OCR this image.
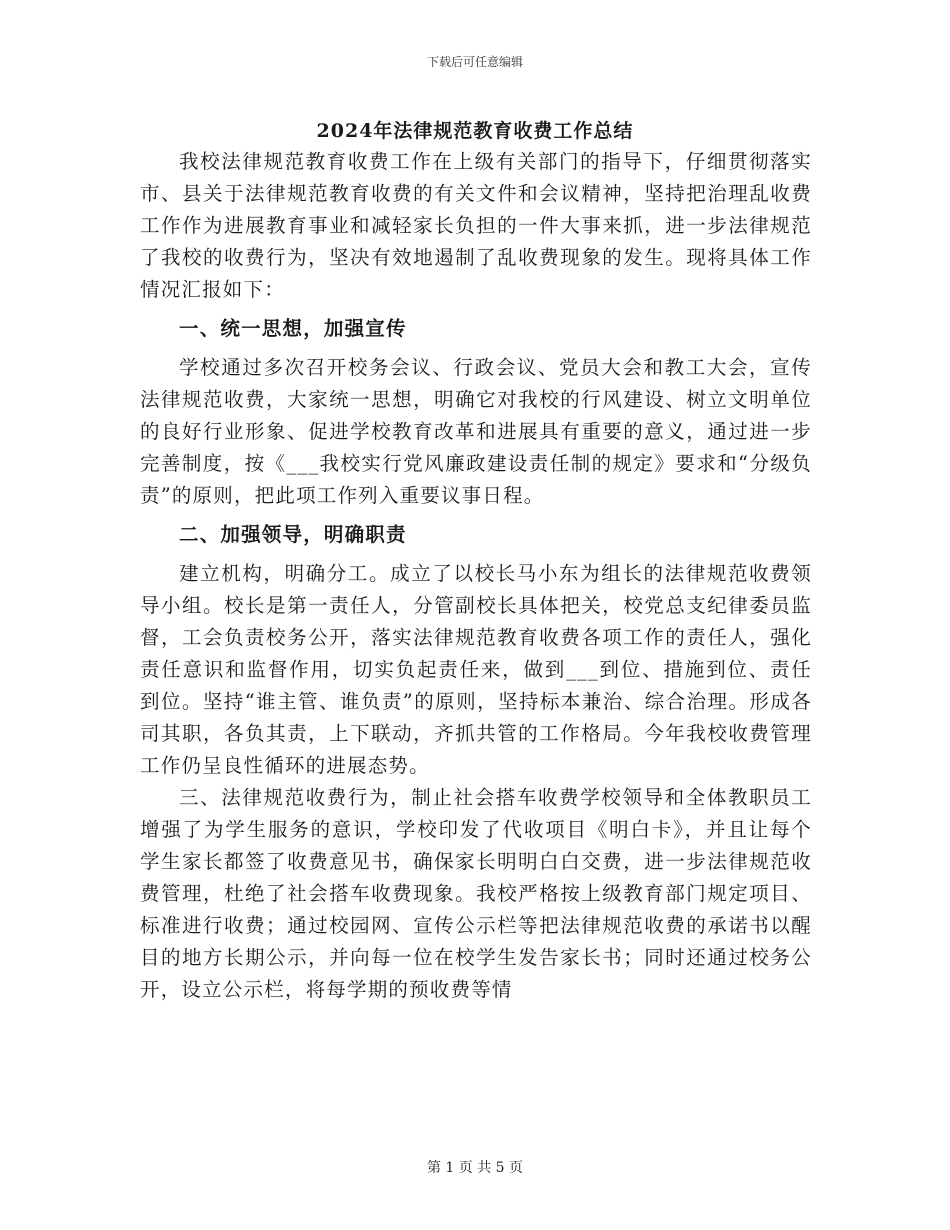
下载后可任意编辑
2024年法律规范教育收费工作总结

我校法律规范教育收费工作在上级有关部门的指导下，仔细贯彻落实市、县关于法律规范教育收费的有关文件和会议精神，坚持把治理乱收费工作作为进展教育事业和减轻家长负担的一件大事来抓，进一步法律规范了我校的收费行为，坚决有效地遏制了乱收费现象的发生。现将具体工作情况汇报如下：

一、统一思想，加强宣传

学校通过多次召开校务会议、行政会议、党员大会和教工大会，宣传法律规范收费，大家统一思想，明确它对我校的行风建设、树立文明单位的良好行业形象、促进学校教育改革和进展具有重要的意义，通过进一步完善制度，按《___我校实行党风廉政建设责任制的规定》要求和“分级负责”的原则，把此项工作列入重要议事日程。

二、加强领导，明确职责

建立机构，明确分工。成立了以校长马小东为组长的法律规范收费领导小组。校长是第一责任人，分管副校长具体把关，校党总支纪律委员监督，工会负责校务公开，落实法律规范教育收费各项工作的责任人，强化责任意识和监督作用，切实负起责任来，做到___到位、措施到位、责任到位。坚持“谁主管、谁负责”的原则，坚持标本兼治、综合治理。形成各司其职，各负其责，上下联动，齐抓共管的工作格局。今年我校收费管理工作仍呈良性循环的进展态势。

三、法律规范收费行为，制止社会搭车收费学校领导和全体教职员工增强了为学生服务的意识，学校印发了代收项目《明白卡》，并且让每个学生家长都签了收费意见书，确保家长明明白白交费，进一步法律规范收费管理，杜绝了社会搭车收费现象。我校严格按上级教育部门规定项目、标准进行收费；通过校园网、宣传公示栏等把法律规范收费的承诺书以醒目的地方长期公示，并向每一位在校学生发告家长书；同时还通过校务公开，设立公示栏，将每学期的预收费等情

第 1 页 共 5 页
